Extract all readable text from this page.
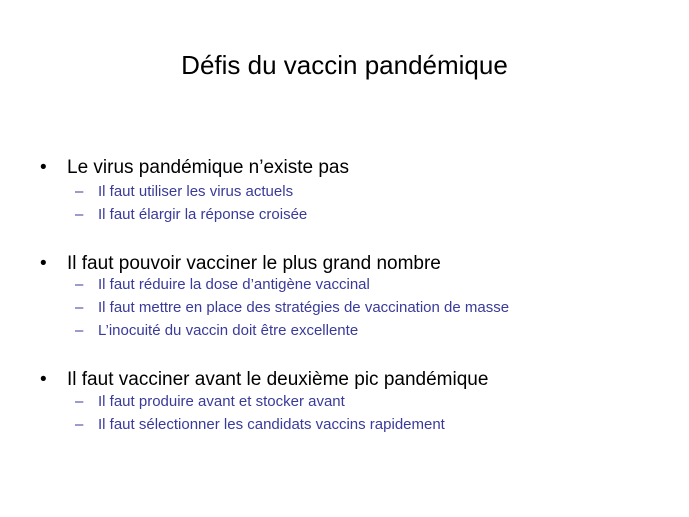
Défis du vaccin pandémique
•	Le virus pandémique n’existe pas
– Il faut utiliser les virus actuels
– Il faut élargir la réponse croisée
•	Il faut pouvoir vacciner le plus grand nombre
– Il faut réduire la dose d’antigène vaccinal
– Il faut mettre en place des stratégies de vaccination de masse
– L’inocuité du vaccin doit être excellente
•	Il faut vacciner avant le deuxième pic pandémique
– Il faut produire avant et stocker avant
– Il faut sélectionner les candidats vaccins rapidement
